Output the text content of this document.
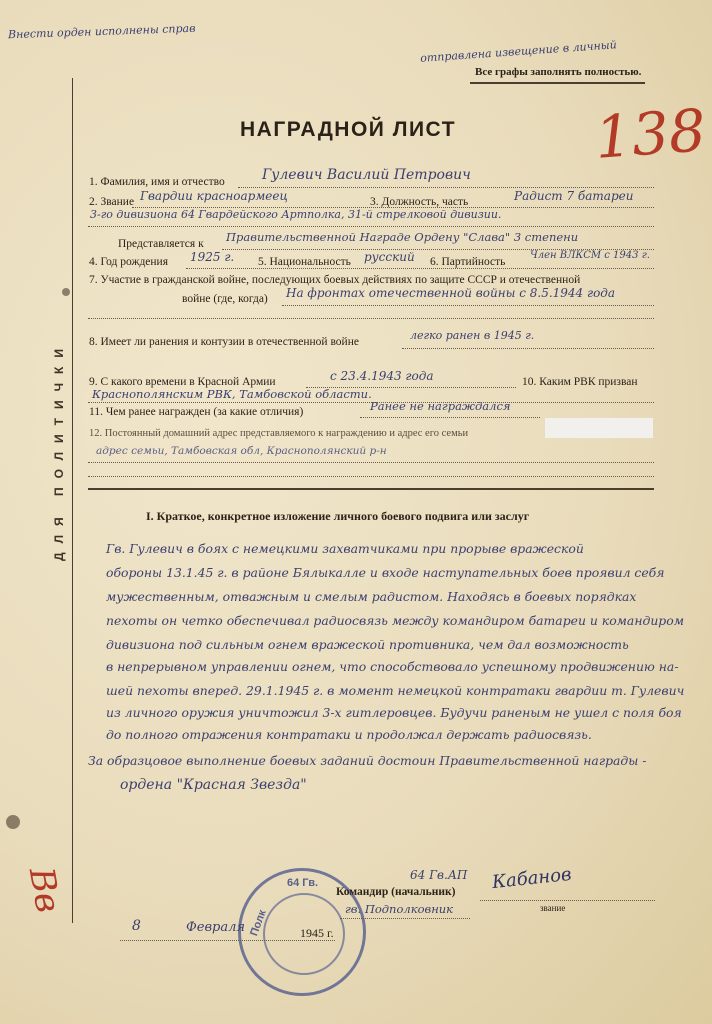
Внести орден исполнены справ
отправлена извещение в личный
Все графы заполнять полностью.
138
НАГРАДНОЙ ЛИСТ
ДЛЯ ПОЛИТИЧКИ
1. Фамилия, имя и отчество	Гулевич Василий Петрович
2. Звание Гвардии красноармеец	3. Должность, часть	Радист 7 батареи
3-го дивизиона 64 Гвардейского Артполка, 31-й стрелковой дивизии.
Представляется к Правительственной Награде Ордену "Слава" 3 степени
4. Год рождения 1925 г. 5. Национальность русский 6. Партийность
Член ВЛКСМ с 1943 г.
7. Участие в гражданской войне, последующих боевых действиях по защите СССР и отечественной
войне (где, когда) На фронтах отечественной войны с 8.5.1944 года
8. Имеет ли ранения и контузии в отечественной войне	легко ранен в 1945 г.
9. С какого времени в Красной Армии	с 23.4.1943 года	10. Каким РВК призван
Краснополянским РВК, Тамбовской области.
11. Чем ранее награжден (за какие отличия)	Ранее не награждался
12. Постоянный домашний адрес представляемого к награждению и адрес его семьи
адрес семьи, Тамбовская обл, Краснополянский р-н
I. Краткое, конкретное изложение личного боевого подвига или заслуг
Гв. Гулевич в боях с немецкими захватчиками при прорыве вражеской
обороны 13.1.45 г. в районе Бялыкалле и входе наступательных боев проявил себя
мужественным, отважным и смелым радистом. Находясь в боевых порядках
пехоты он четко обеспечивал радиосвязь между командиром батареи и командиром
дивизиона под сильным огнем вражеской противника, чем дал возможность
в непрерывном управлении огнем, что способствовало успешному продвижению на-
шей пехоты вперед. 29.1.1945 г. в момент немецкой контратаки гвардии т. Гулевич
из личного оружия уничтожил 3-х гитлеровцев. Будучи раненым не ушел с поля боя
до полного отражения контратаки и продолжал держать радиосвязь.
За образцовое выполнение боевых заданий достоин Правительственной награды -
ордена "Красная Звезда"
64 Гв.
Полк
64 Гв.АП
Командир (начальник)
гв. Подполковник
Кабанов
звание
8	Февраля	1945 г.
Вв
